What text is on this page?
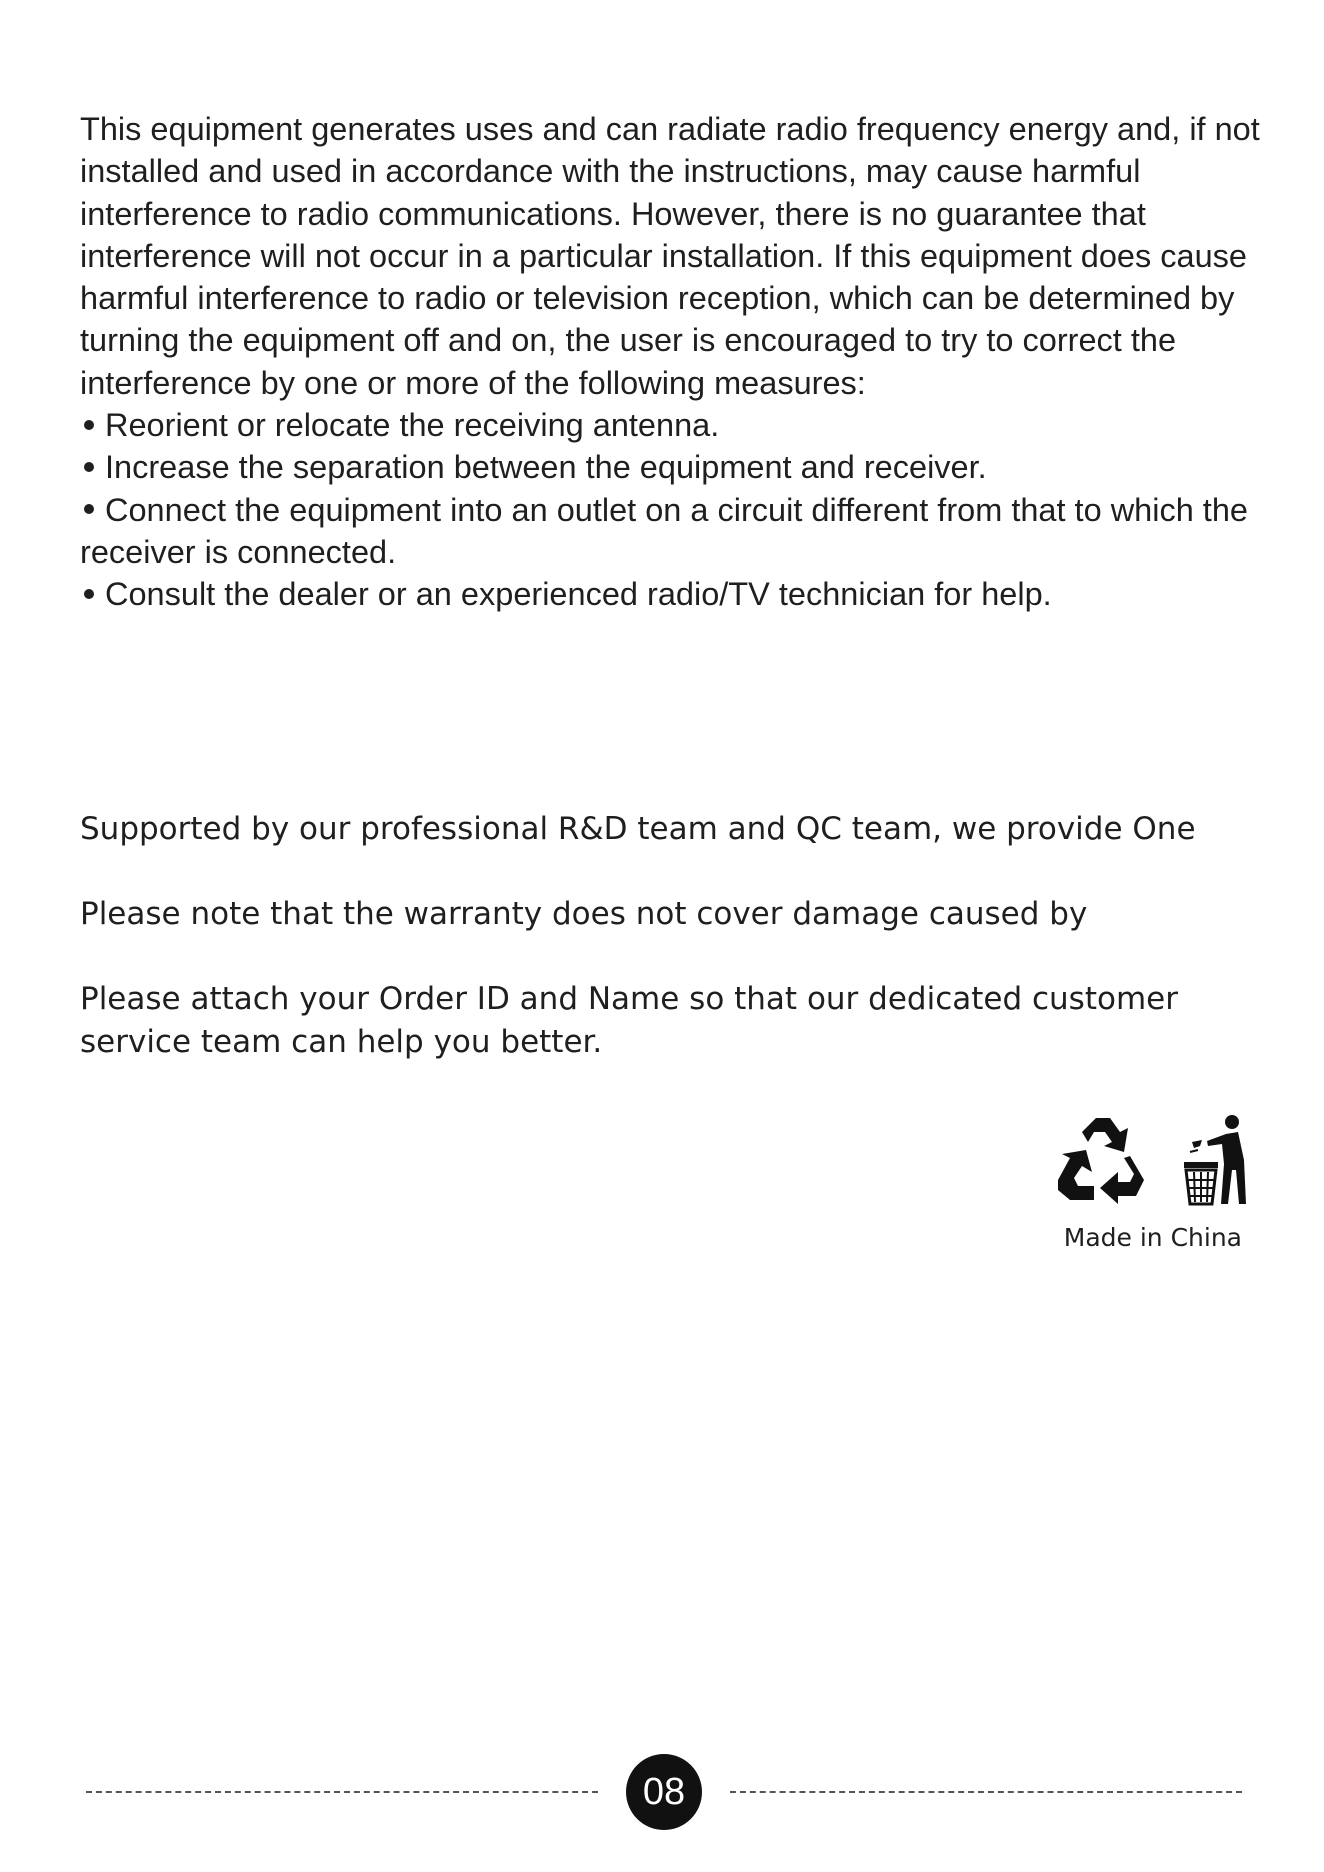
This equipment generates uses and can radiate radio frequency energy and, if not installed and used in accordance with the instructions, may cause harmful interference to radio communications. However, there is no guarantee that interference will not occur in a particular installation. If this equipment does cause harmful interference to radio or television reception, which can be determined by turning the equipment off and on, the user is encouraged to try to correct the interference by one or more of the following measures:

Reorient or relocate the receiving antenna.
Increase the separation between the equipment and receiver.
Connect the equipment into an outlet on a circuit different from that to which the receiver is connected.
Consult the dealer or an experienced radio/TV technician for help.

Supported by our professional R&D team and QC team, we provide One

Please note that the warranty does not cover damage caused by

Please attach your Order ID and Name so that our dedicated customer service team can help you better.

Made in China
08
